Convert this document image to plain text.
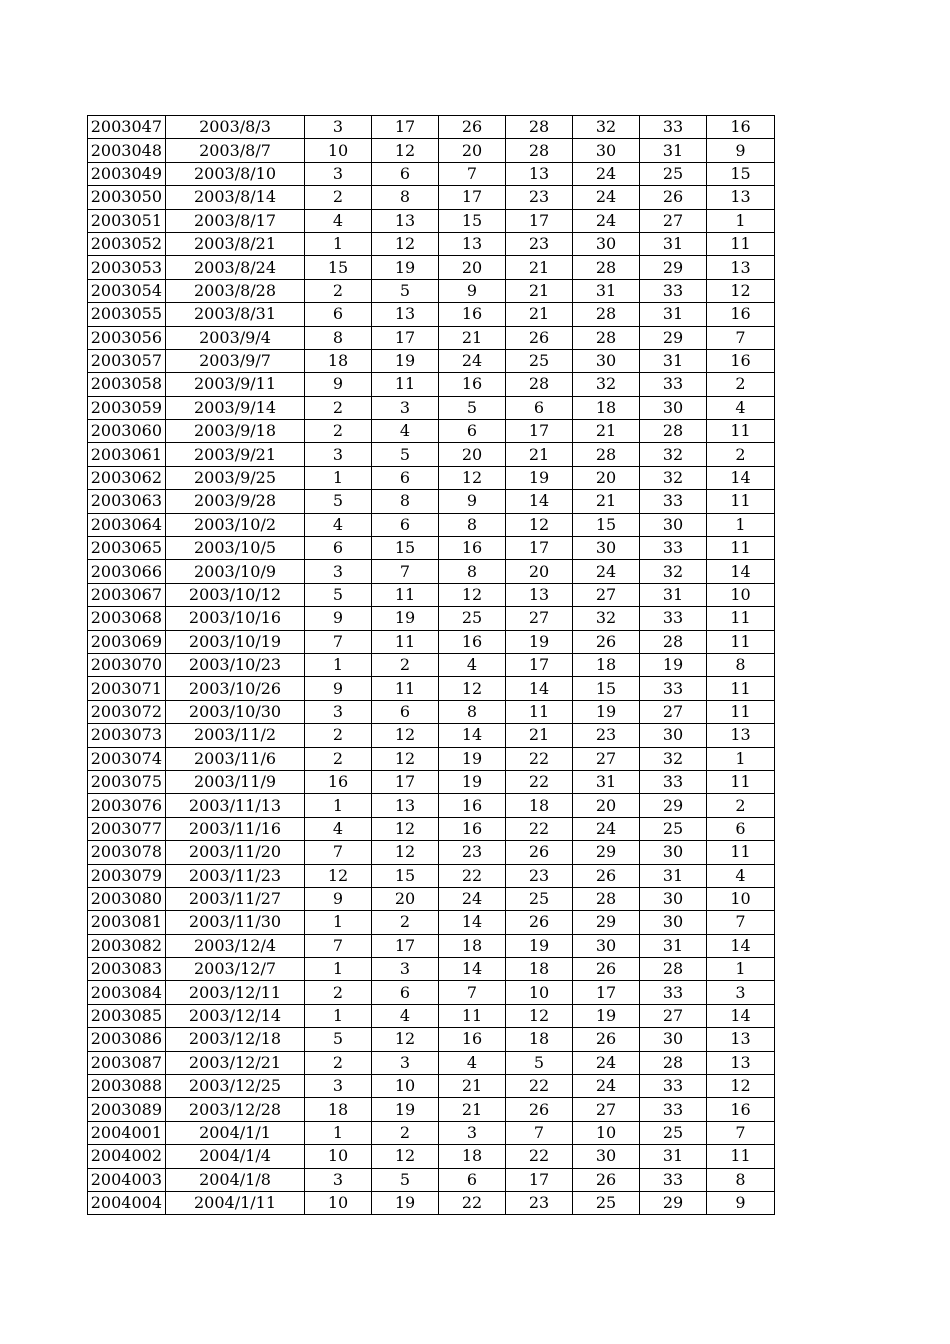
2003047	2003/8/3	3	17	26	28	32	33	16
2003048	2003/8/7	10	12	20	28	30	31	9
2003049	2003/8/10	3	6	7	13	24	25	15
2003050	2003/8/14	2	8	17	23	24	26	13
2003051	2003/8/17	4	13	15	17	24	27	1
2003052	2003/8/21	1	12	13	23	30	31	11
2003053	2003/8/24	15	19	20	21	28	29	13
2003054	2003/8/28	2	5	9	21	31	33	12
2003055	2003/8/31	6	13	16	21	28	31	16
2003056	2003/9/4	8	17	21	26	28	29	7
2003057	2003/9/7	18	19	24	25	30	31	16
2003058	2003/9/11	9	11	16	28	32	33	2
2003059	2003/9/14	2	3	5	6	18	30	4
2003060	2003/9/18	2	4	6	17	21	28	11
2003061	2003/9/21	3	5	20	21	28	32	2
2003062	2003/9/25	1	6	12	19	20	32	14
2003063	2003/9/28	5	8	9	14	21	33	11
2003064	2003/10/2	4	6	8	12	15	30	1
2003065	2003/10/5	6	15	16	17	30	33	11
2003066	2003/10/9	3	7	8	20	24	32	14
2003067	2003/10/12	5	11	12	13	27	31	10
2003068	2003/10/16	9	19	25	27	32	33	11
2003069	2003/10/19	7	11	16	19	26	28	11
2003070	2003/10/23	1	2	4	17	18	19	8
2003071	2003/10/26	9	11	12	14	15	33	11
2003072	2003/10/30	3	6	8	11	19	27	11
2003073	2003/11/2	2	12	14	21	23	30	13
2003074	2003/11/6	2	12	19	22	27	32	1
2003075	2003/11/9	16	17	19	22	31	33	11
2003076	2003/11/13	1	13	16	18	20	29	2
2003077	2003/11/16	4	12	16	22	24	25	6
2003078	2003/11/20	7	12	23	26	29	30	11
2003079	2003/11/23	12	15	22	23	26	31	4
2003080	2003/11/27	9	20	24	25	28	30	10
2003081	2003/11/30	1	2	14	26	29	30	7
2003082	2003/12/4	7	17	18	19	30	31	14
2003083	2003/12/7	1	3	14	18	26	28	1
2003084	2003/12/11	2	6	7	10	17	33	3
2003085	2003/12/14	1	4	11	12	19	27	14
2003086	2003/12/18	5	12	16	18	26	30	13
2003087	2003/12/21	2	3	4	5	24	28	13
2003088	2003/12/25	3	10	21	22	24	33	12
2003089	2003/12/28	18	19	21	26	27	33	16
2004001	2004/1/1	1	2	3	7	10	25	7
2004002	2004/1/4	10	12	18	22	30	31	11
2004003	2004/1/8	3	5	6	17	26	33	8
2004004	2004/1/11	10	19	22	23	25	29	9
